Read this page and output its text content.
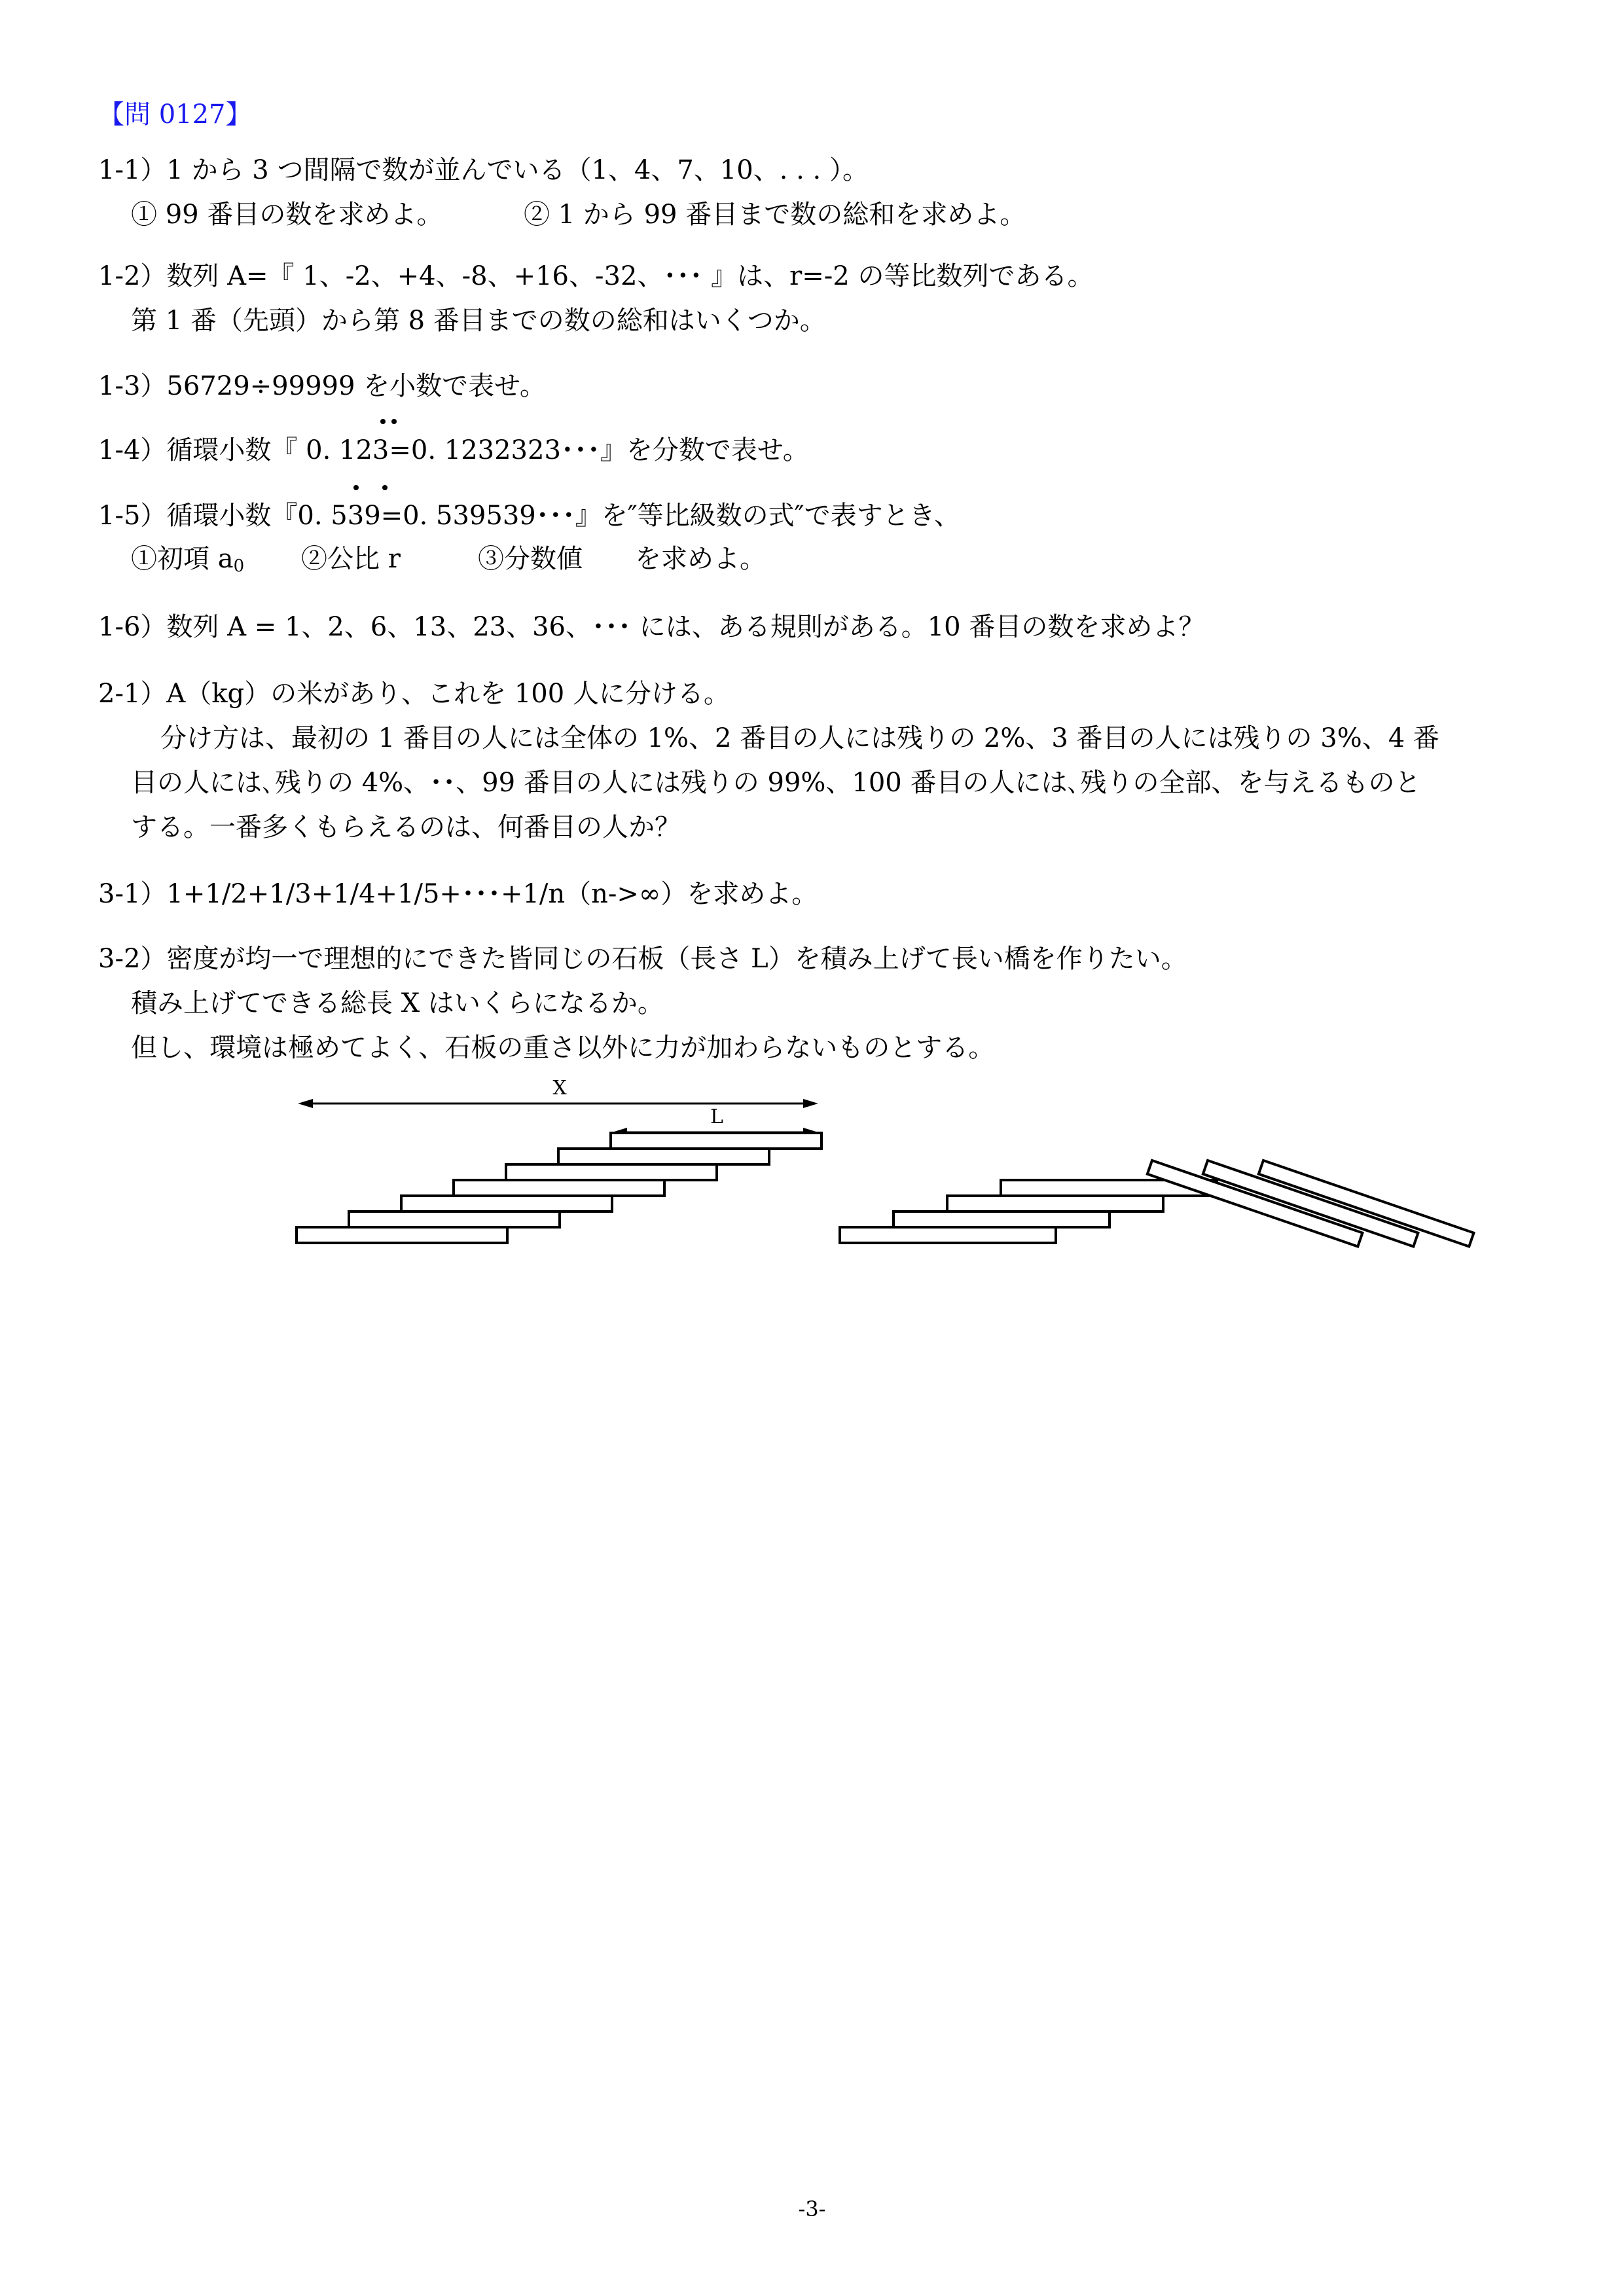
【問 0127】
1-1）1 から 3 つ間隔で数が並んでいる（1、4、7、10、. . . ）。
① 99 番目の数を求めよ。	② 1 から 99 番目まで数の総和を求めよ。
1-2）数列 A=『 1、-2、+4、-8、+16、-32、･･･ 』は、r=-2 の等比数列である。
第 1 番（先頭）から第 8 番目までの数の総和はいくつか。
1-3）56729÷99999 を小数で表せ。
1-4）循環小数『 0. 123=0. 1232323･･･』を分数で表せ。
1-5）循環小数『0. 539=0. 539539･･･』を″等比級数の式″で表すとき、
①初項 $a_0$ ②公比 r	③分数値 を求めよ。
1-6）数列 A = 1、2、6、13、23、36、･･･ には、ある規則がある。10 番目の数を求めよ？
2-1）A（kg）の米があり、これを 100 人に分ける。
分け方は、最初の 1 番目の人には全体の 1%、2 番目の人には残りの 2%、3 番目の人には残りの 3%、4 番
目の人には､残りの 4%、･･、99 番目の人には残りの 99%、100 番目の人には､残りの全部、を与えるものと
する。一番多くもらえるのは、何番目の人か？
3-1）1+1/2+1/3+1/4+1/5+･･･+1/n（n->∞）を求めよ。
3-2）密度が均一で理想的にできた皆同じの石板（長さ L）を積み上げて長い橋を作りたい。
積み上げてできる総長 X はいくらになるか。
但し、環境は極めてよく、石板の重さ以外に力が加わらないものとする。
X
L
-3-
